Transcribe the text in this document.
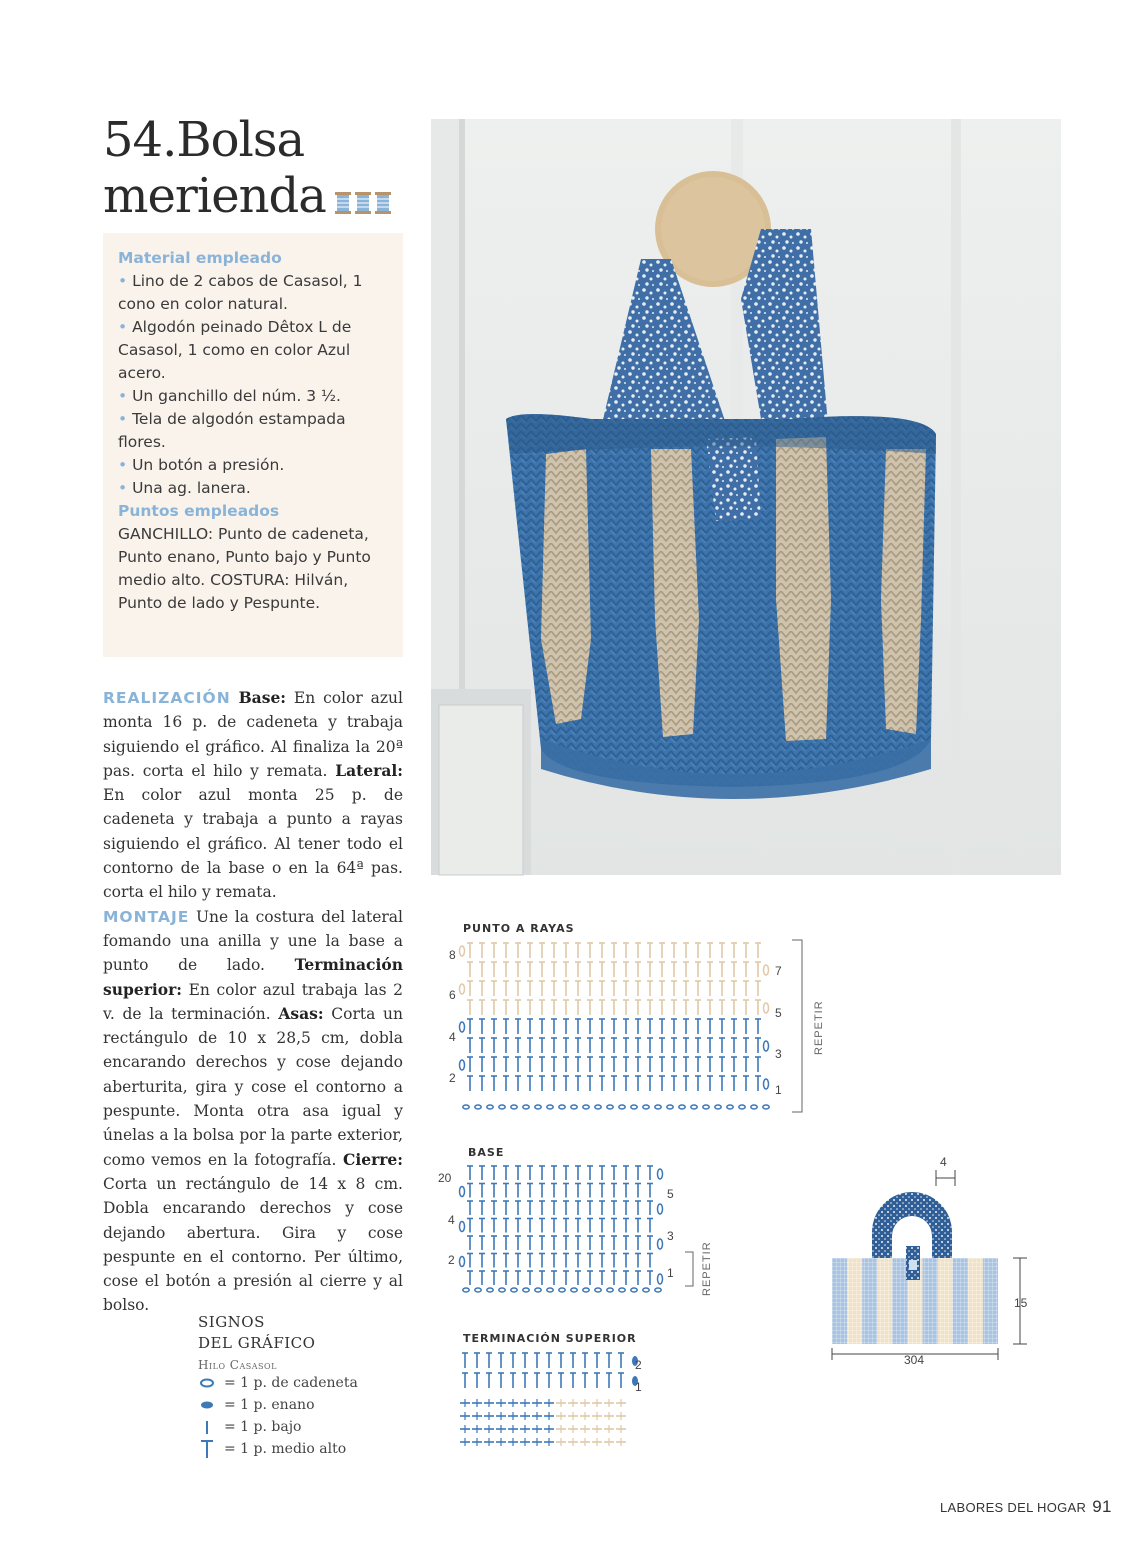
54.Bolsa
merienda
Material empleado
• Lino de 2 cabos de Casasol, 1 cono en color natural.
• Algodón peinado Dêtox L de Casasol, 1 como en color Azul acero.
• Un ganchillo del núm. 3 ½.
• Tela de algodón estampada flores.
• Un botón a presión.
• Una ag. lanera.
Puntos empleados
GANCHILLO: Punto de cadeneta, Punto enano, Punto bajo y Punto medio alto. COSTURA: Hilván, Punto de lado y Pespunte.
REALIZACIÓN Base: En color azul monta 16 p. de cadeneta y trabaja siguiendo el gráfico. Al finaliza la 20ª pas. corta el hilo y remata. Lateral: En color azul monta 25 p. de cadeneta y trabaja a punto a rayas siguiendo el gráfico. Al tener todo el contorno de la base o en la 64ª pas. corta el hilo y remata.
MONTAJE Une la costura del lateral fomando una anilla y une la base a punto de lado. Terminación superior: En color azul trabaja las 2 v. de la terminación. Asas: Corta un rectángulo de 10 x 28,5 cm, dobla encarando derechos y cose dejando aberturita, gira y cose el contorno a pespunte. Monta otra asa igual y únelas a la bolsa por la parte exterior, como vemos en la fotografía. Cierre: Corta un rectángulo de 14 x 8 cm. Dobla encarando derechos y cose dejando abertura. Gira y cose pespunte en el contorno. Per último, cose el botón a presión al cierre y al bolso.
PUNTO A RAYAS
8
6
4
2
7
5
3
1
REPETIR
BASE
20
4
2
5
3
1 REPETIR
TERMINACIÓN SUPERIOR
2
1
4
15
304
SIGNOS
DEL GRÁFICO
Hilo Casasol
= 1 p. de cadeneta
= 1 p. enano
= 1 p. bajo
= 1 p. medio alto
LABORES DEL HOGAR 91
